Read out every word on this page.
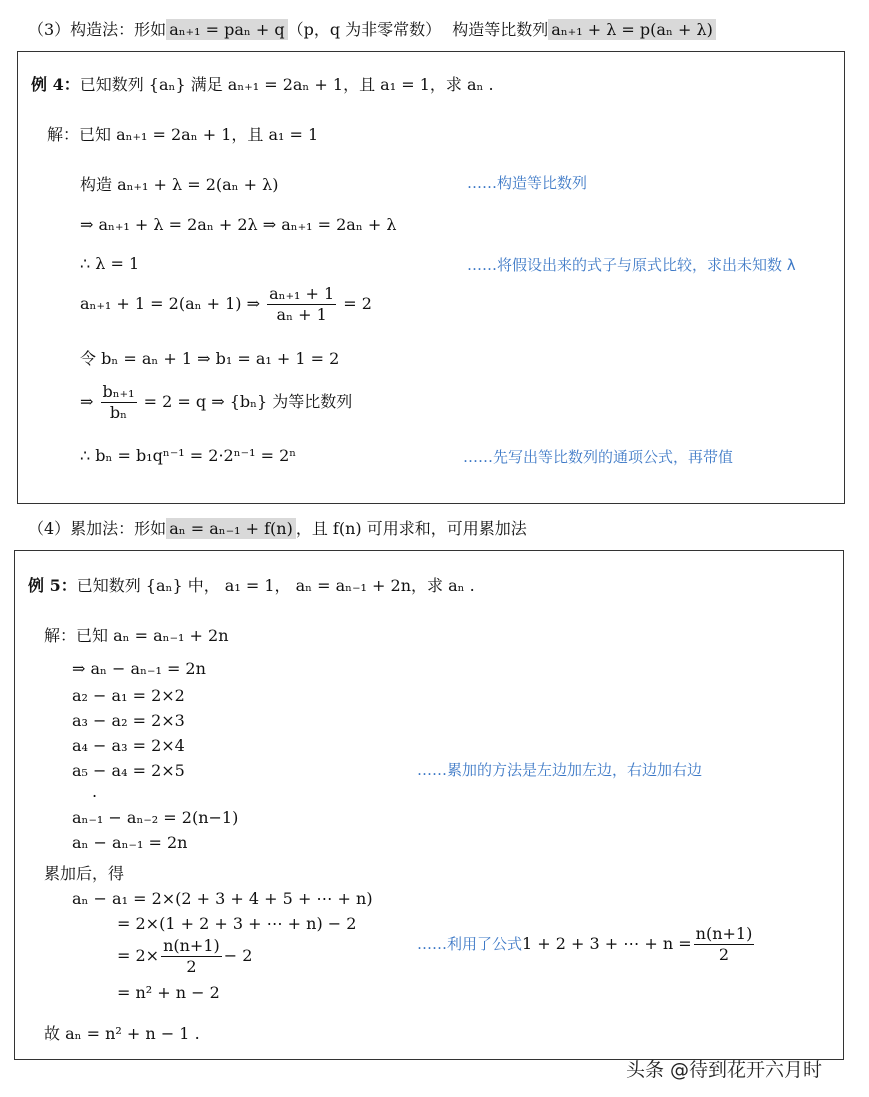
（3）构造法：形如 aₙ₊₁ = paₙ + q （p，q 为非零常数） 构造等比数列 aₙ₊₁ + λ = p(aₙ + λ)
例 4：已知数列 {aₙ} 满足 aₙ₊₁ = 2aₙ + 1，且 a₁ = 1，求 aₙ .
解：已知 aₙ₊₁ = 2aₙ + 1，且 a₁ = 1
构造 aₙ₊₁ + λ = 2(aₙ + λ)
⇒ aₙ₊₁ + λ = 2aₙ + 2λ ⇒ aₙ₊₁ = 2aₙ + λ
∴ λ = 1
aₙ₊₁ + 1 = 2(aₙ + 1) ⇒ $\frac{\text{aₙ₊₁ + 1}}{\text{aₙ + 1}} = 2$
令 bₙ = aₙ + 1 ⇒ b₁ = a₁ + 1 = 2
⇒ $\frac{\text{bₙ₊₁}}{\text{bₙ}} = 2 = q$ ⇒ {bₙ} 为等比数列
∴ bₙ = b₁qⁿ⁻¹ = 2·2ⁿ⁻¹ = 2ⁿ
……构造等比数列
……将假设出来的式子与原式比较，求出未知数 λ
……先写出等比数列的通项公式，再带值
（4）累加法：形如 aₙ = aₙ₋₁ + f(n) ，且 f(n) 可用求和，可用累加法
例 5：已知数列 {aₙ} 中， a₁ = 1， aₙ = aₙ₋₁ + 2n，求 aₙ .
解：已知 aₙ = aₙ₋₁ + 2n
⇒ aₙ − aₙ₋₁ = 2n
a₂ − a₁ = 2×2
a₃ − a₂ = 2×3
a₄ − a₃ = 2×4
a₅ − a₄ = 2×5
.
aₙ₋₁ − aₙ₋₂ = 2(n−1)
aₙ − aₙ₋₁ = 2n
累加后，得
aₙ − a₁ = 2×(2 + 3 + 4 + 5 + ⋯ + n)
= 2×(1 + 2 + 3 + ⋯ + n) − 2
= $2\times \frac{n(n+1)}{2} - 2$
= n² + n − 2
故 aₙ = n² + n − 1 .
……累加的方法是左边加左边，右边加右边
……利用了公式1 + 2 + 3 + ⋯ + $n = \frac{n(n+1)}{2}$
头条 @待到花开六月时
